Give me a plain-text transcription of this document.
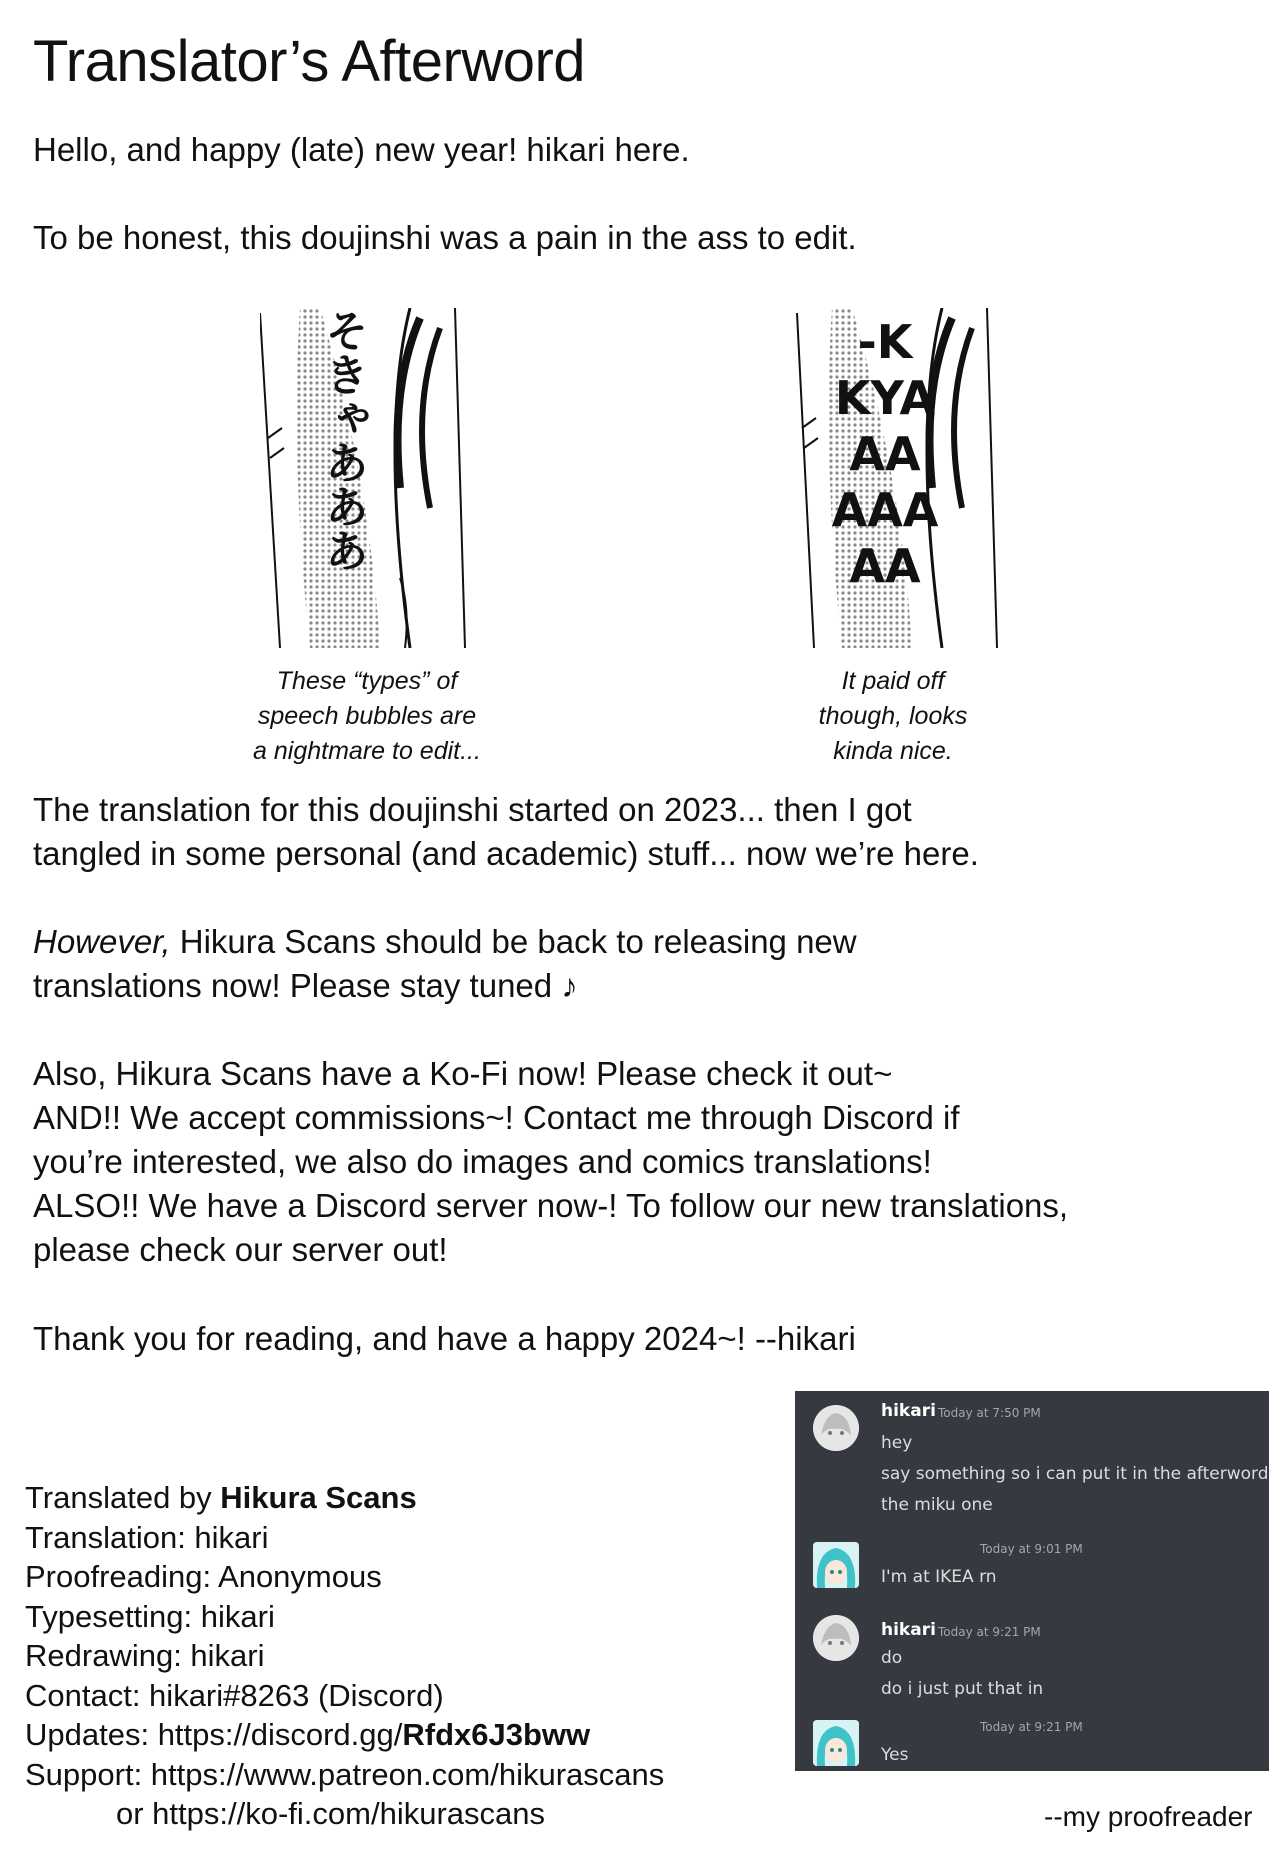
Translator’s Afterword

Hello, and happy (late) new year! hikari here.

To be honest, this doujinshi was a pain in the ass to edit.

そきゃあああ	-K
KYA
AA
AAA
AA
These “types” of
speech bubbles are
a nightmare to edit...
It paid off
though, looks
kinda nice.
The translation for this doujinshi started on 2023... then I got
tangled in some personal (and academic) stuff... now we’re here.
However, Hikura Scans should be back to releasing new
translations now! Please stay tuned ♪
Also, Hikura Scans have a Ko-Fi now! Please check it out~
AND!! We accept commissions~! Contact me through Discord if
you’re interested, we also do images and comics translations!
ALSO!! We have a Discord server now-! To follow our new translations,
please check our server out!

Thank you for reading, and have a happy 2024~! --hikari

Translated by Hikura Scans
Translation: hikari
Proofreading: Anonymous
Typesetting: hikari
Redrawing: hikari
Contact: hikari#8263 (Discord)
Updates: https://discord.gg/Rfdx6J3bww
Support: https://www.patreon.com/hikurascans
or https://ko-fi.com/hikurascans
hikari Today at 7:50 PM
hey
say something so i can put it in the afterword
the miku one
Today at 9:01 PM
I'm at IKEA rn
hikari Today at 9:21 PM
do
do i just put that in
Today at 9:21 PM
Yes
--my proofreader
